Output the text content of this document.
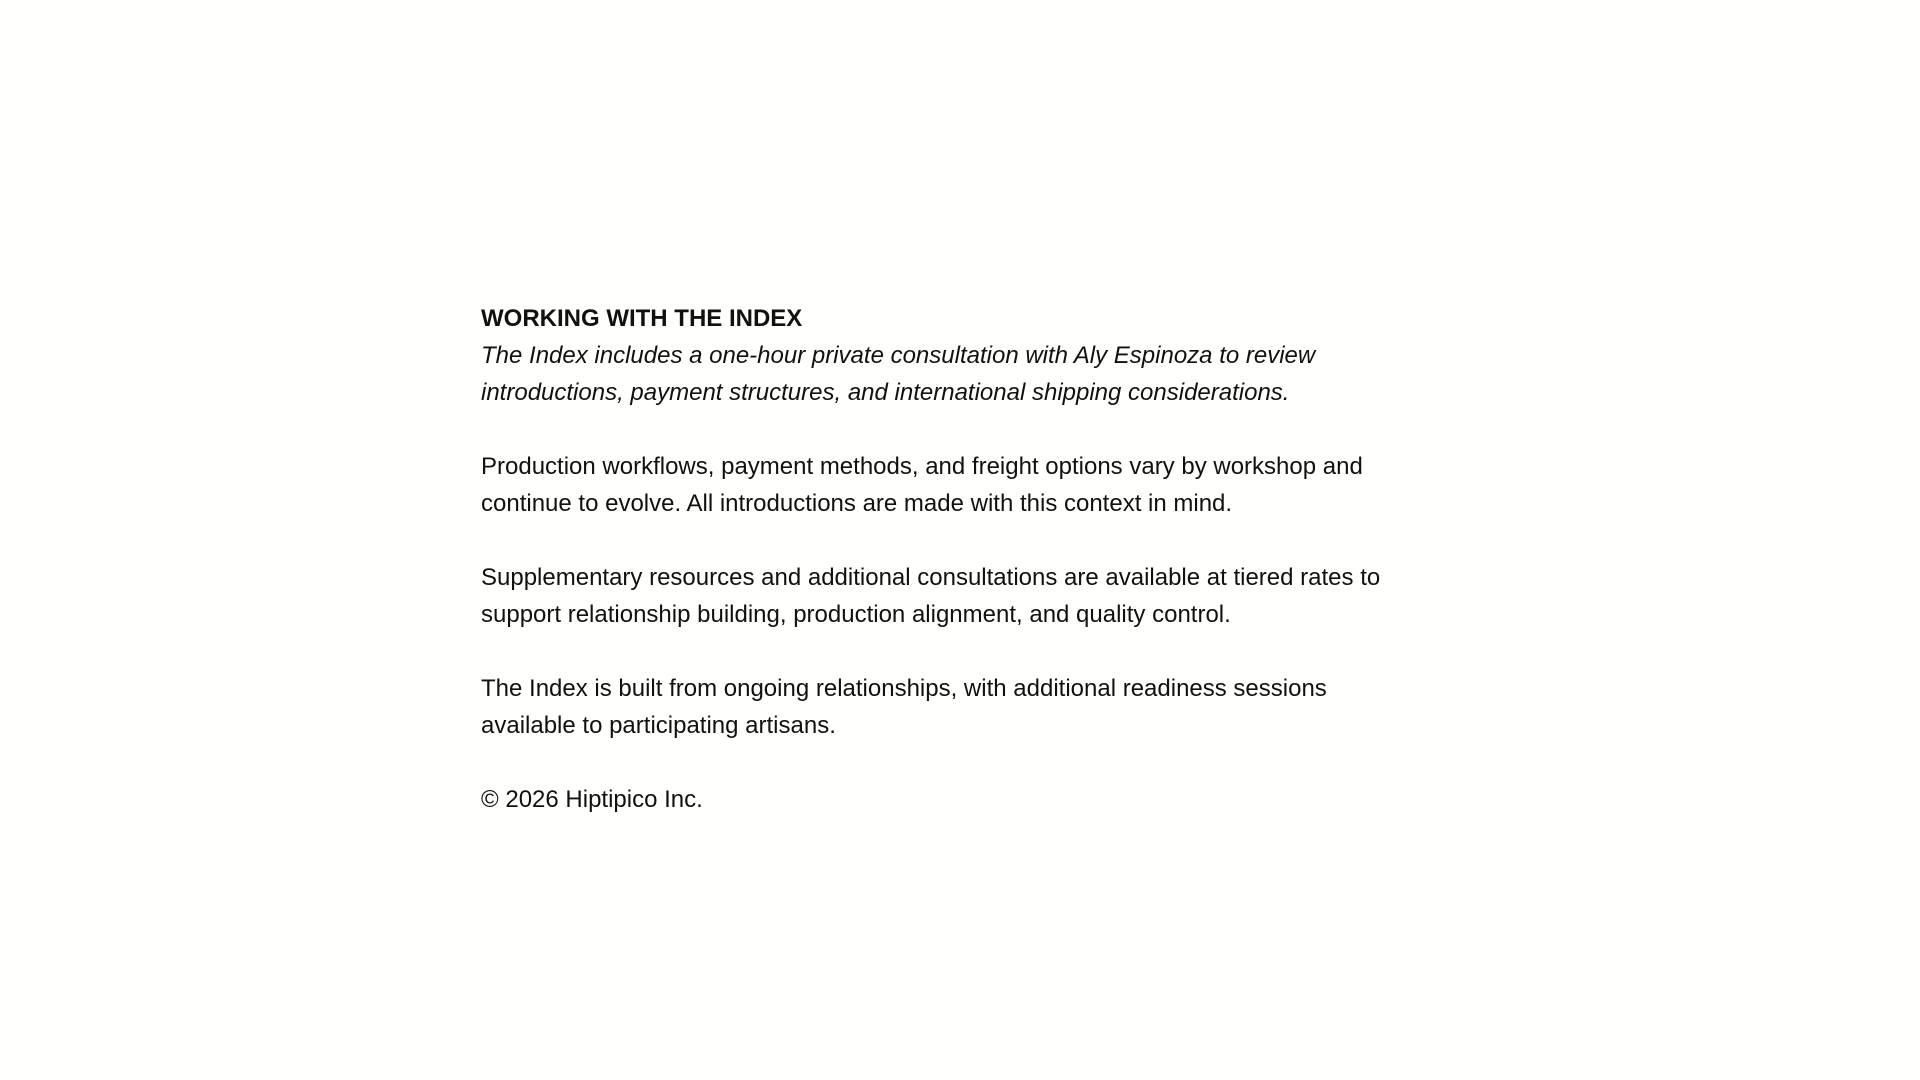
WORKING WITH THE INDEX

The Index includes a one-hour private consultation with Aly Espinoza to review introductions, payment structures, and international shipping considerations.

Production workflows, payment methods, and freight options vary by workshop and continue to evolve. All introductions are made with this context in mind.

Supplementary resources and additional consultations are available at tiered rates to support relationship building, production alignment, and quality control.

The Index is built from ongoing relationships, with additional readiness sessions available to participating artisans.

© 2026 Hiptipico Inc.
